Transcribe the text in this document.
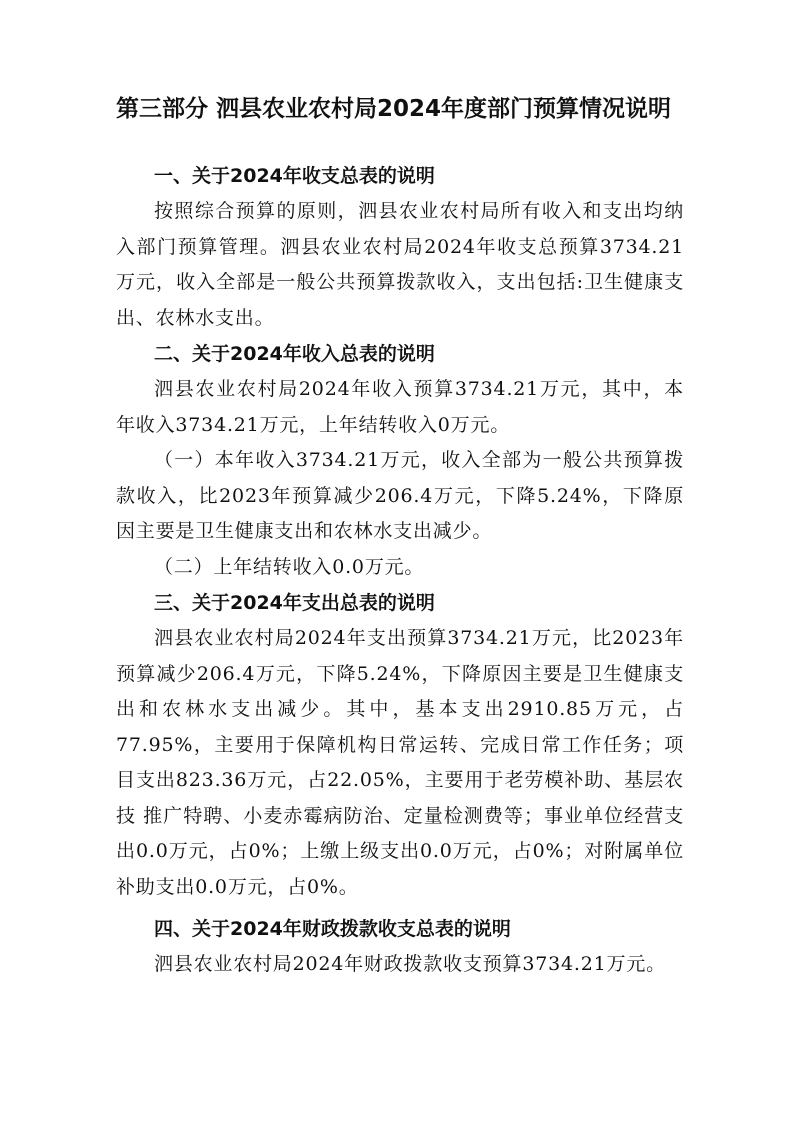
第三部分 泗县农业农村局2024年度部门预算情况说明
一、关于2024年收支总表的说明

按照综合预算的原则，泗县农业农村局所有收入和支出均纳入部门预算管理。泗县农业农村局2024年收支总预算3734.21万元，收入全部是一般公共预算拨款收入，支出包括:卫生健康支出、农林水支出。

二、关于2024年收入总表的说明

泗县农业农村局2024年收入预算3734.21万元，其中，本年收入3734.21万元，上年结转收入0万元。

（一）本年收入3734.21万元，收入全部为一般公共预算拨款收入，比2023年预算减少206.4万元，下降5.24%，下降原因主要是卫生健康支出和农林水支出减少。

（二）上年结转收入0.0万元。

三、关于2024年支出总表的说明

泗县农业农村局2024年支出预算3734.21万元，比2023年预算减少206.4万元，下降5.24%，下降原因主要是卫生健康支出和农林水支出减少。其中，基本支出2910.85万元，占77.95%，主要用于保障机构日常运转、完成日常工作任务；项目支出823.36万元，占22.05%，主要用于老劳模补助、基层农技 推广特聘、小麦赤霉病防治、定量检测费等；事业单位经营支出0.0万元，占0%；上缴上级支出0.0万元，占0%；对附属单位补助支出0.0万元，占0%。

四、关于2024年财政拨款收支总表的说明

泗县农业农村局2024年财政拨款收支预算3734.21万元。
